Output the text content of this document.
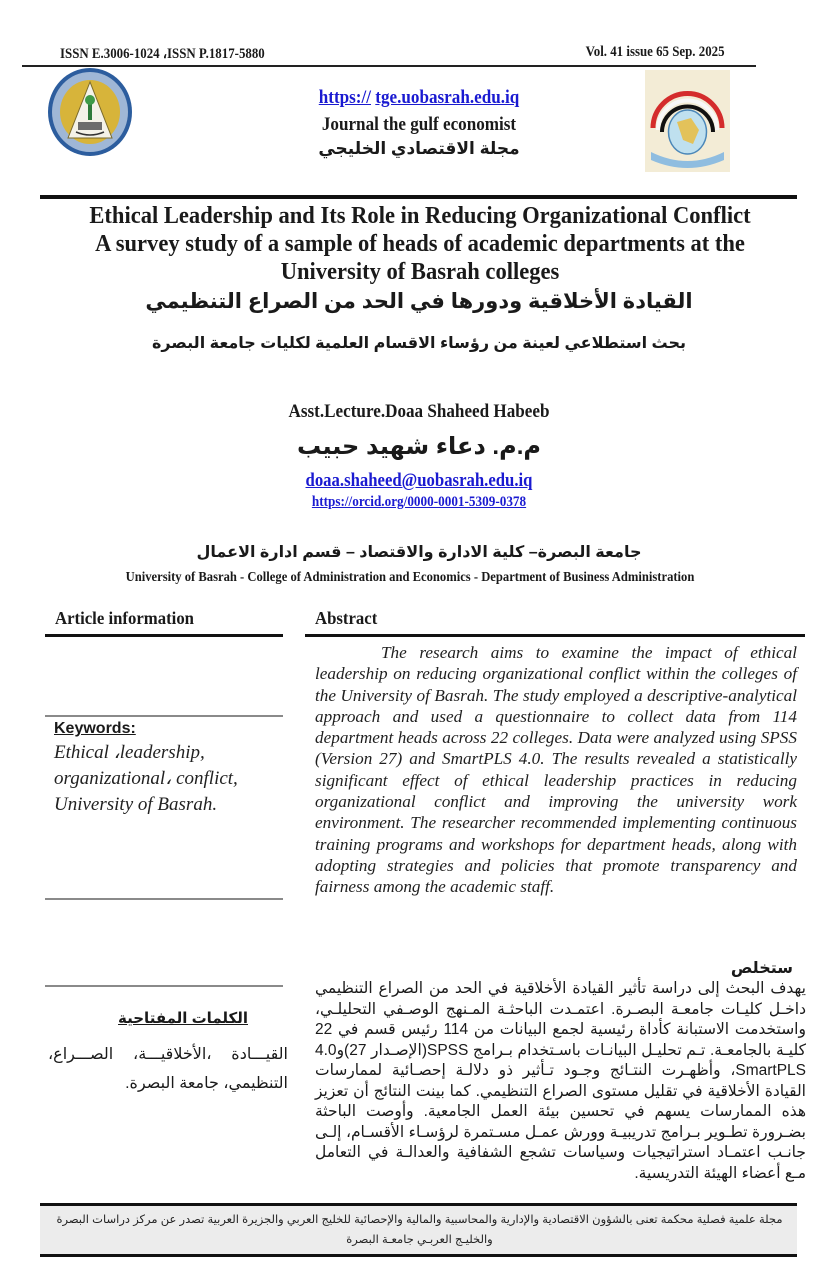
ISSN E.3006-1024 ،ISSN P.1817-5880	Vol. 41 issue 65 Sep. 2025
https:// tge.uobasrah.edu.iq
Journal the gulf economist
مجلة الاقتصادي الخليجي
Ethical Leadership and Its Role in Reducing Organizational Conflict A survey study of a sample of heads of academic departments at the University of Basrah colleges
القيادة الأخلاقية ودورها في الحد من الصراع التنظيمي
بحث استطلاعي لعينة من رؤساء الاقسام العلمية لكليات جامعة البصرة
Asst.Lecture.Doaa Shaheed Habeeb
م.م. دعاء شهيد حبيب
doaa.shaheed@uobasrah.edu.iq
https://orcid.org/0000-0001-5309-0378
جامعة البصرة– كلية الادارة والاقتصاد – قسم ادارة الاعمال
University of Basrah - College of Administration and Economics - Department of Business Administration
Article information	Abstract
Keywords:
Ethical ،leadership, organizational، conflict, University of Basrah.
الكلمات المفتاحية
القيـــادة ،الأخلاقيـــة، الصـــراع، التنظيمي، جامعة البصرة.
The research aims to examine the impact of ethical leadership on reducing organizational conflict within the colleges of the University of Basrah. The study employed a descriptive-analytical approach and used a questionnaire to collect data from 114 department heads across 22 colleges. Data were analyzed using SPSS (Version 27) and SmartPLS 4.0. The results revealed a statistically significant effect of ethical leadership practices in reducing organizational conflict and improving the university work environment. The researcher recommended implementing continuous training programs and workshops for department heads, along with adopting strategies and policies that promote transparency and fairness among the academic staff.
ستخلص
يهدف البحث إلى دراسة تأثير القيادة الأخلاقية في الحد من الصراع التنظيمي داخـل كليـات جامعـة البصـرة. اعتمـدت الباحثـة المـنهج الوصـفي التحليلـي، واستخدمت الاستبانة كأداة رئيسية لجمع البيانات من 114 رئيس قسم في 22 كليـة بالجامعـة. تـم تحليـل البيانـات باسـتخدام بـرامج SPSS(الإصـدار 27)و4.0 SmartPLS، وأظهـرت النتـائج وجـود تـأثير ذو دلالـة إحصـائية لممارسات القيادة الأخلاقية في تقليل مستوى الصراع التنظيمي. كما بينت النتائج أن تعزيز هذه الممارسات يسهم في تحسين بيئة العمل الجامعية. وأوصت الباحثة بضـرورة تطـوير بـرامج تدريبيـة وورش عمـل مسـتمرة لرؤسـاء الأقسـام، إلـى جانـب اعتمـاد استراتيجيات وسياسات تشجع الشفافية والعدالـة في التعامل مـع أعضاء الهيئة التدريسية.
مجلة علمية فصلية محكمة تعنى بالشؤون الاقتصادية والإدارية والمحاسبية والمالية والإحصائية للخليج العربي والجزيرة العربية تصدر عن مركز دراسات البصرة والخليـج العربـي جامعـة البصرة
